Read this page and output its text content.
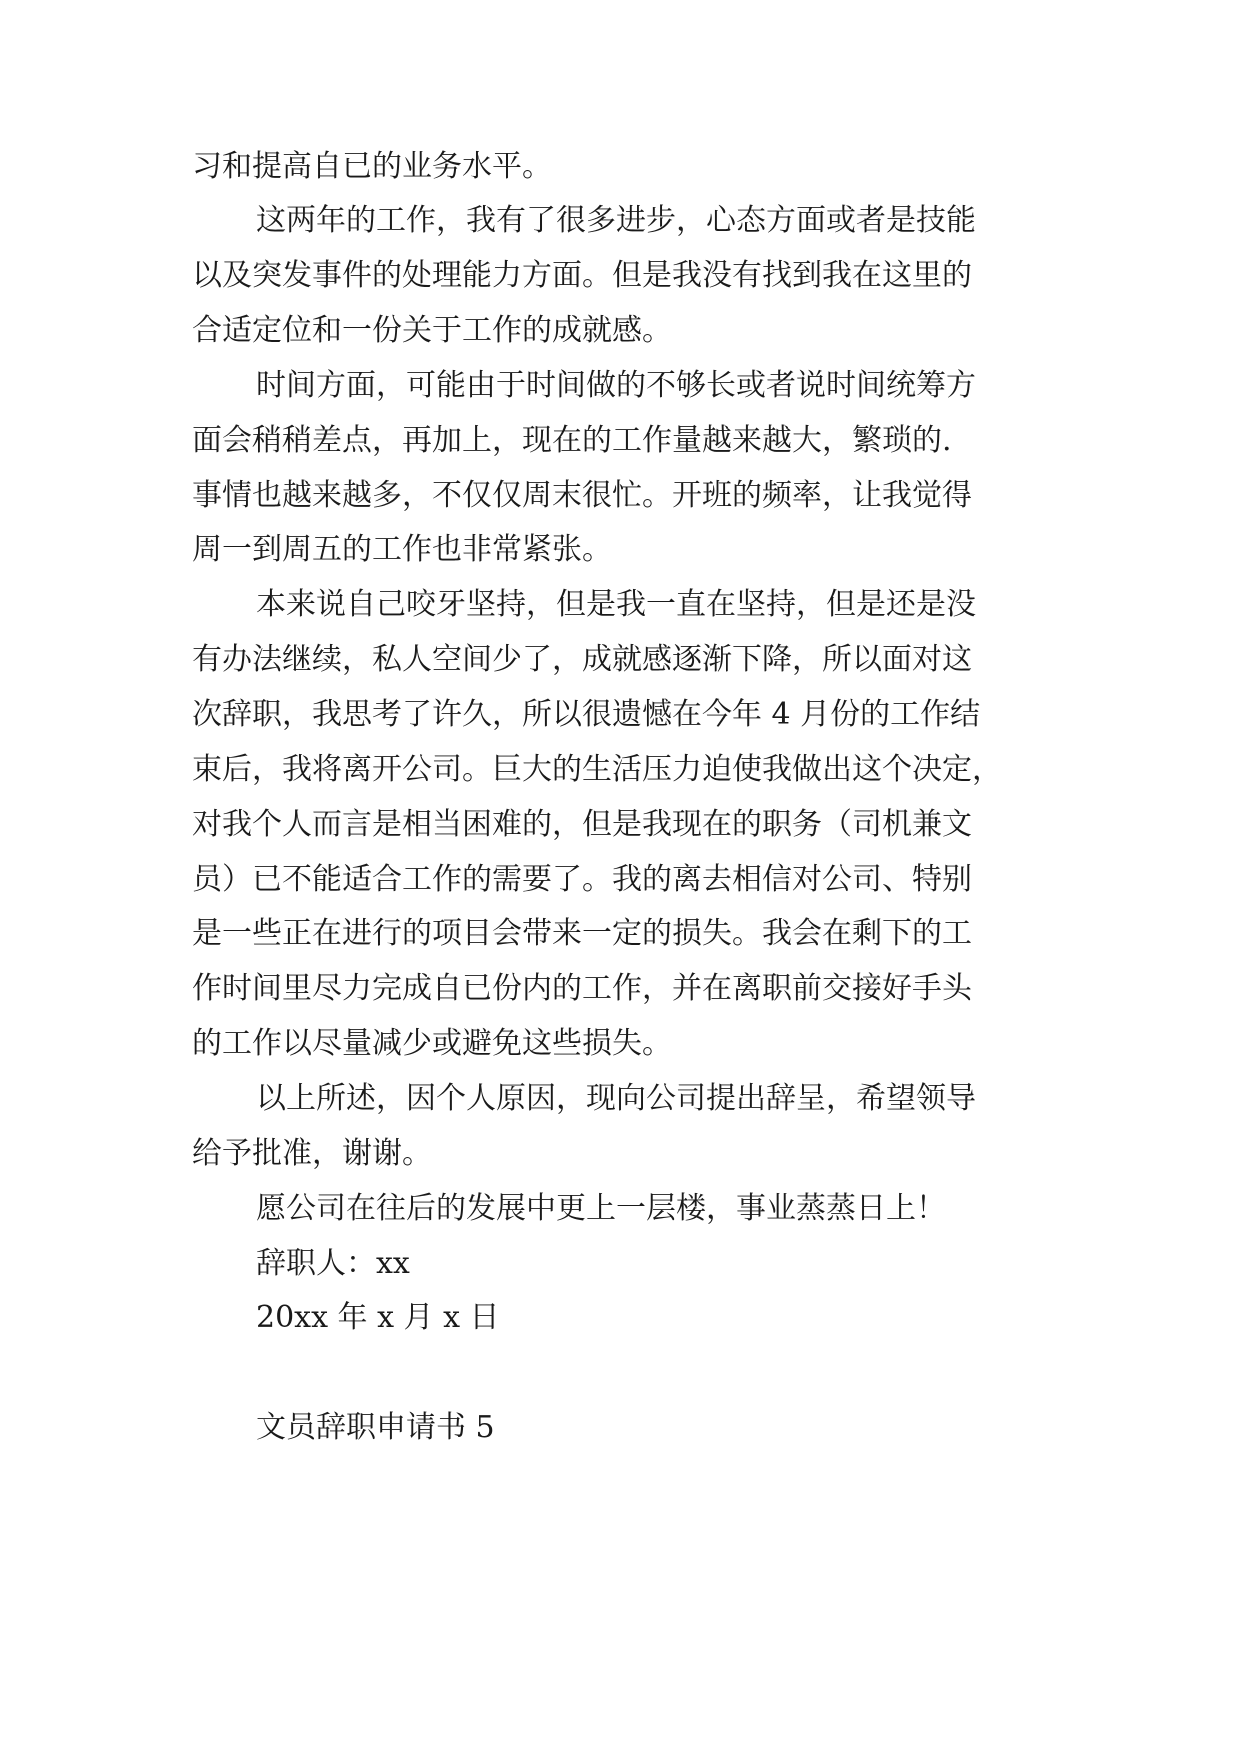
习和提高自已的业务水平。
这两年的工作，我有了很多进步，心态方面或者是技能
以及突发事件的处理能力方面。但是我没有找到我在这里的
合适定位和一份关于工作的成就感。
时间方面，可能由于时间做的不够长或者说时间统筹方
面会稍稍差点，再加上，现在的工作量越来越大，繁琐的.
事情也越来越多，不仅仅周末很忙。开班的频率，让我觉得
周一到周五的工作也非常紧张。
本来说自己咬牙坚持，但是我一直在坚持，但是还是没
有办法继续，私人空间少了，成就感逐渐下降，所以面对这
次辞职，我思考了许久，所以很遗憾在今年 4 月份的工作结
束后，我将离开公司。巨大的生活压力迫使我做出这个决定，
对我个人而言是相当困难的，但是我现在的职务（司机兼文
员）已不能适合工作的需要了。我的离去相信对公司、特别
是一些正在进行的项目会带来一定的损失。我会在剩下的工
作时间里尽力完成自已份内的工作，并在离职前交接好手头
的工作以尽量减少或避免这些损失。
以上所述，因个人原因，现向公司提出辞呈，希望领导
给予批准，谢谢。
愿公司在往后的发展中更上一层楼，事业蒸蒸日上！
辞职人：xx
20xx 年 x 月 x 日
文员辞职申请书 5
